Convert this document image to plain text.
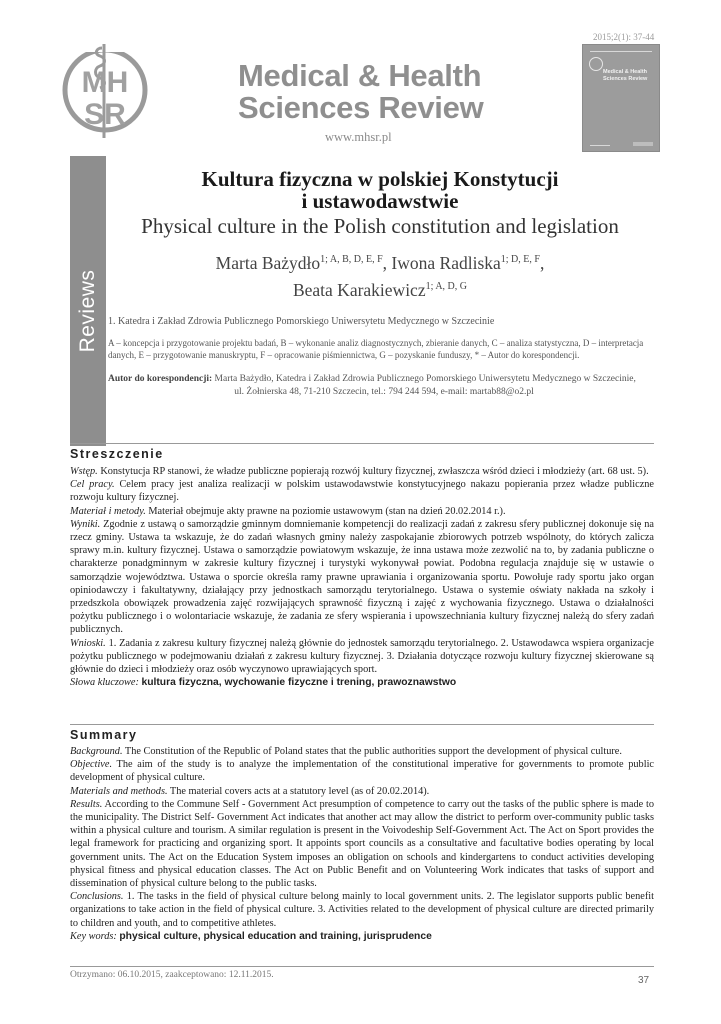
MH
SR
Medical & Health
Sciences Review
www.mhsr.pl
2015;2(1): 37-44
Medical & Health Sciences Review
Reviews
Kultura fizyczna w polskiej Konstytucji
i ustawodawstwie
Physical culture in the Polish constitution and legislation
Marta Bażydło$^{1; A, B, D, E, F}$, Iwona Radliska$^{1; D, E, F}$,
Beata Karakiewicz$^{1; A, D, G}$
1. Katedra i Zakład Zdrowia Publicznego Pomorskiego Uniwersytetu Medycznego w Szczecinie
A – koncepcja i przygotowanie projektu badań, B – wykonanie analiz diagnostycznych, zbieranie danych, C – analiza statystyczna, D – interpretacja danych, E – przygotowanie manuskryptu, F – opracowanie piśmiennictwa, G – pozyskanie funduszy, * – Autor do korespondencji.
Autor do korespondencji: Marta Bażydło, Katedra i Zakład Zdrowia Publicznego Pomorskiego Uniwersytetu Medycznego w Szczecinie,
ul. Żołnierska 48, 71-210 Szczecin, tel.: 794 244 594, e-mail: martab88@o2.pl
Streszczenie

Wstęp. Konstytucja RP stanowi, że władze publiczne popierają rozwój kultury fizycznej, zwłaszcza wśród dzieci i młodzieży (art. 68 ust. 5).

Cel pracy. Celem pracy jest analiza realizacji w polskim ustawodawstwie konstytucyjnego nakazu popierania przez władze publiczne rozwoju kultury fizycznej.

Materiał i metody. Materiał obejmuje akty prawne na poziomie ustawowym (stan na dzień 20.02.2014 r.).

Wyniki. Zgodnie z ustawą o samorządzie gminnym domniemanie kompetencji do realizacji zadań z zakresu sfery publicznej dokonuje się na rzecz gminy. Ustawa ta wskazuje, że do zadań własnych gminy należy zaspokajanie zbiorowych potrzeb wspólnoty, do których zalicza sprawy m.in. kultury fizycznej. Ustawa o samorządzie powiatowym wskazuje, że inna ustawa może zezwolić na to, by zadania publiczne o charakterze ponadgminnym w zakresie kultury fizycznej i turystyki wykonywał powiat. Podobna regulacja znajduje się w ustawie o samorządzie województwa. Ustawa o sporcie określa ramy prawne uprawiania i organizowania sportu. Powołuje rady sportu jako organ opiniodawczy i fakultatywny, działający przy jednostkach samorządu terytorialnego. Ustawa o systemie oświaty nakłada na szkoły i przedszkola obowiązek prowadzenia zajęć rozwijających sprawność fizyczną i zajęć z wychowania fizycznego. Ustawa o działalności pożytku publicznego i o wolontariacie wskazuje, że zadania ze sfery wspierania i upowszechniania kultury fizycznej należą do sfery zadań publicznych.

Wnioski. 1. Zadania z zakresu kultury fizycznej należą głównie do jednostek samorządu terytorialnego. 2. Ustawodawca wspiera organizacje pożytku publicznego w podejmowaniu działań z zakresu kultury fizycznej. 3. Działania dotyczące rozwoju kultury fizycznej skierowane są głównie do dzieci i młodzieży oraz osób wyczynowo uprawiających sport.

Słowa kluczowe: kultura fizyczna, wychowanie fizyczne i trening, prawoznawstwo

Summary

Background. The Constitution of the Republic of Poland states that the public authorities support the development of physical culture.

Objective. The aim of the study is to analyze the implementation of the constitutional imperative for governments to promote public development of physical culture.

Materials and methods. The material covers acts at a statutory level (as of 20.02.2014).

Results. According to the Commune Self - Government Act presumption of competence to carry out the tasks of the public sphere is made to the municipality. The District Self- Government Act indicates that another act may allow the district to perform over-community public tasks within a physical culture and tourism. A similar regulation is present in the Voivodeship Self-Government Act. The Act on Sport provides the legal framework for practicing and organizing sport. It appoints sport councils as a consultative and facultative bodies operating by local government units. The Act on the Education System imposes an obligation on schools and kindergartens to conduct activities developing physical fitness and physical education classes. The Act on Public Benefit and on Volunteering Work indicates that tasks of support and dissemination of physical culture belong to the public tasks.

Conclusions. 1. The tasks in the field of physical culture belong mainly to local government units. 2. The legislator supports public benefit organizations to take action in the field of physical culture. 3. Activities related to the development of physical culture are directed primarily to children and youth, and to competitive athletes.

Key words: physical culture, physical education and training, jurisprudence

Otrzymano: 06.10.2015, zaakceptowano: 12.11.2015.	37
